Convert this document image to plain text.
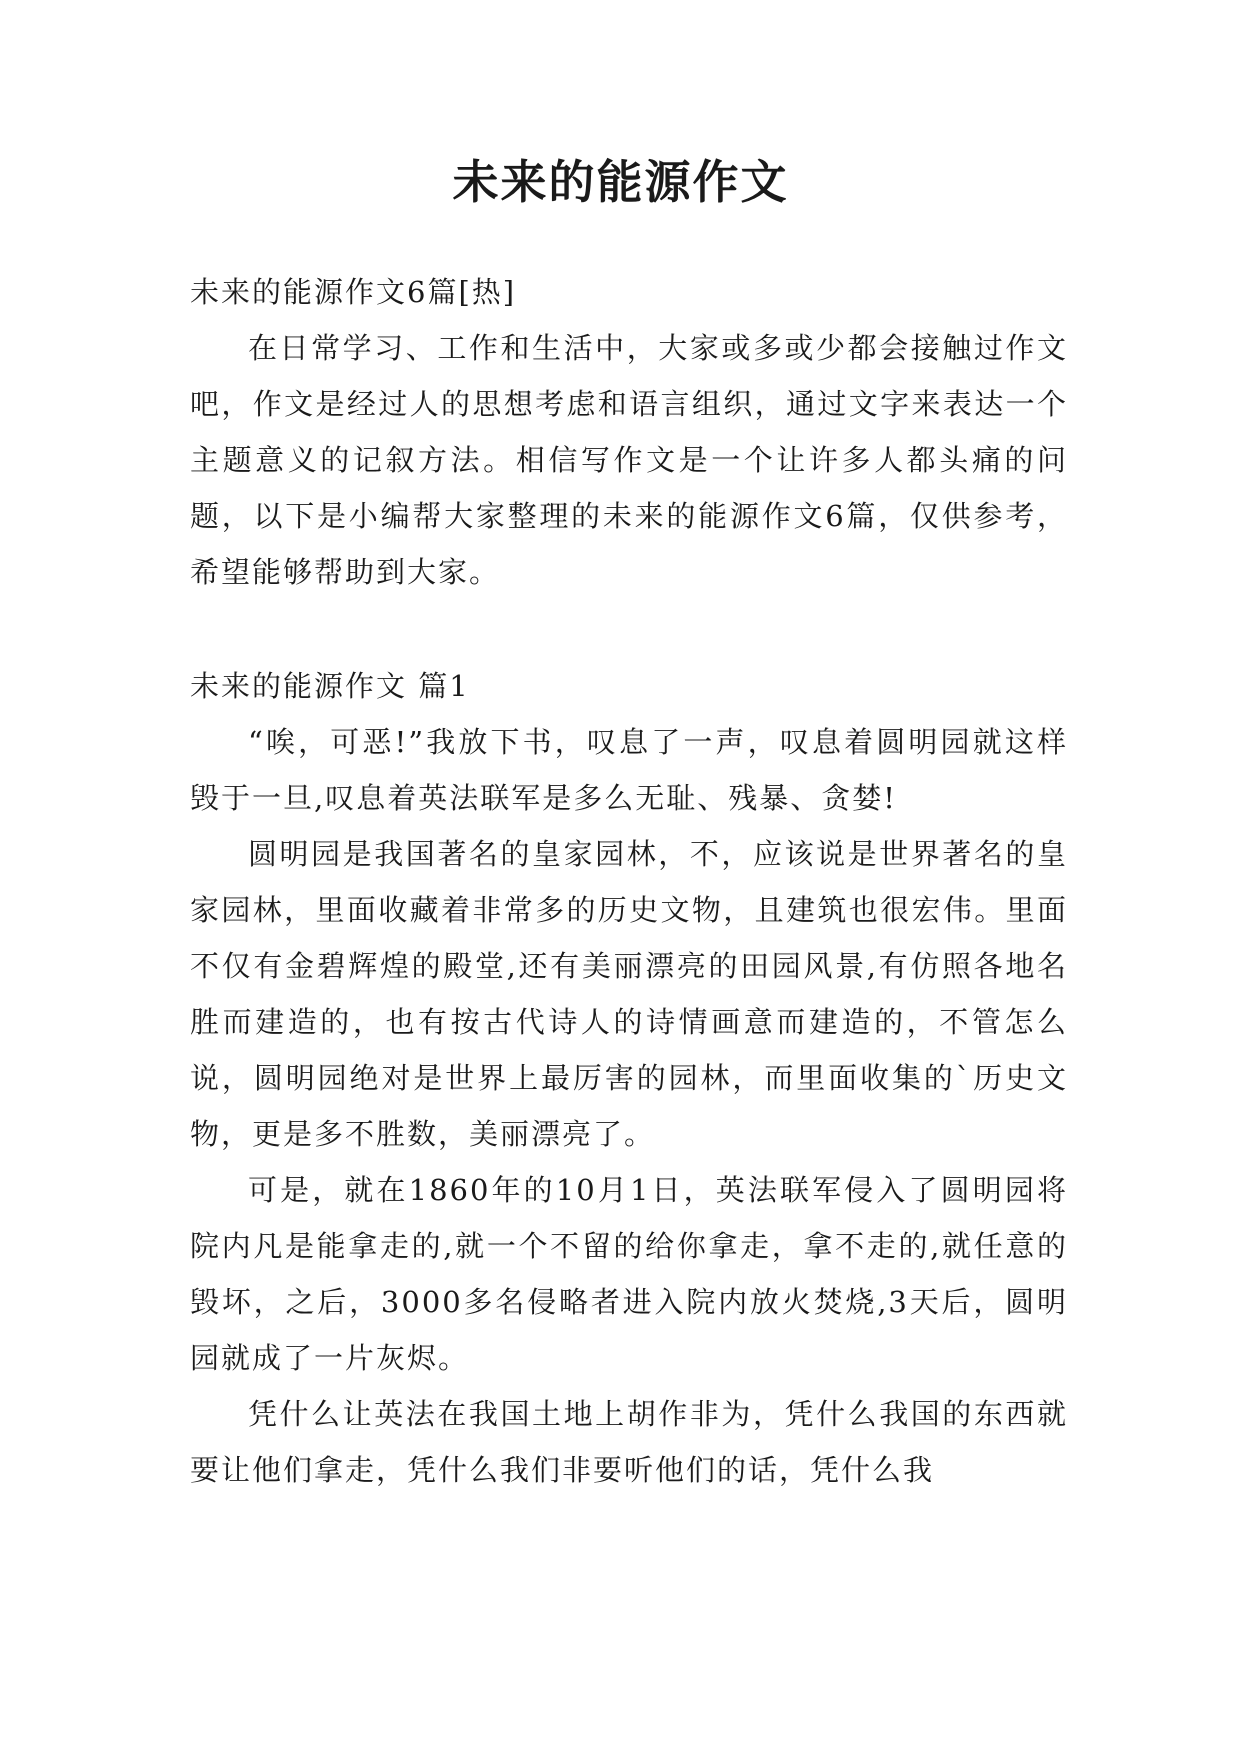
未来的能源作文

未来的能源作文6篇[热]

在日常学习、工作和生活中，大家或多或少都会接触过作文吧，作文是经过人的思想考虑和语言组织，通过文字来表达一个主题意义的记叙方法。相信写作文是一个让许多人都头痛的问题，以下是小编帮大家整理的未来的能源作文6篇，仅供参考，希望能够帮助到大家。

未来的能源作文 篇1

“唉，可恶!”我放下书，叹息了一声，叹息着圆明园就这样毁于一旦,叹息着英法联军是多么无耻、残暴、贪婪!

圆明园是我国著名的皇家园林，不，应该说是世界著名的皇家园林，里面收藏着非常多的历史文物，且建筑也很宏伟。里面不仅有金碧辉煌的殿堂,还有美丽漂亮的田园风景,有仿照各地名胜而建造的，也有按古代诗人的诗情画意而建造的，不管怎么说，圆明园绝对是世界上最厉害的园林，而里面收集的`历史文物，更是多不胜数，美丽漂亮了。

可是，就在1860年的10月1日，英法联军侵入了圆明园将院内凡是能拿走的,就一个不留的给你拿走，拿不走的,就任意的毁坏，之后，3000多名侵略者进入院内放火焚烧,3天后，圆明园就成了一片灰烬。

凭什么让英法在我国土地上胡作非为，凭什么我国的东西就要让他们拿走，凭什么我们非要听他们的话，凭什么我
